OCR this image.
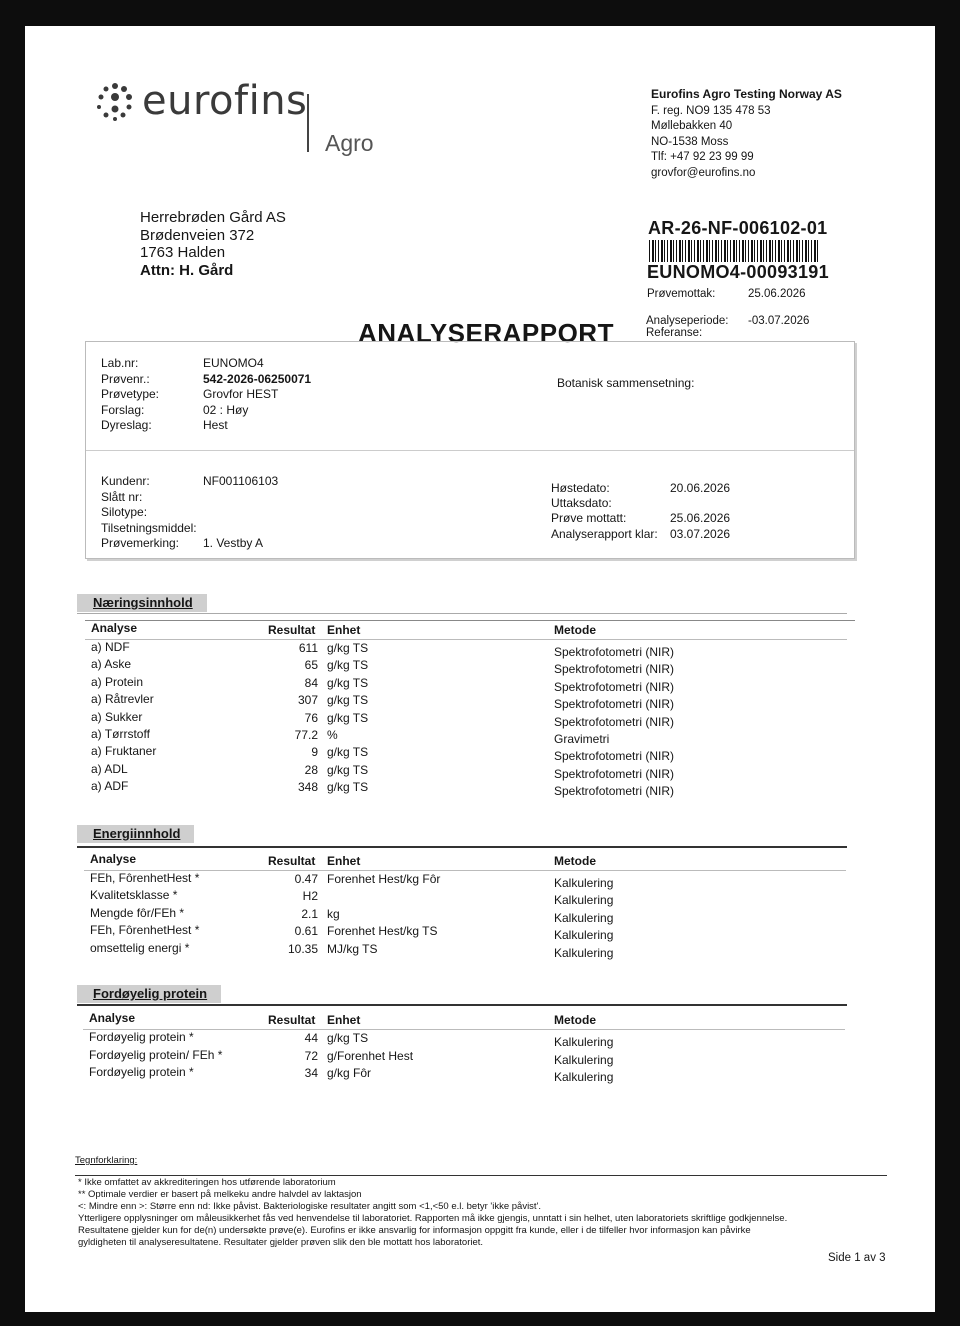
eurofins
Agro
Eurofins Agro Testing Norway AS
F. reg. NO9 135 478 53
Møllebakken 40
NO-1538 Moss
Tlf: +47 92 23 99 99
grovfor@eurofins.no
Herrebrøden Gård AS
Brødenveien 372
1763 Halden
Attn: H. Gård
AR-26-NF-006102-01
EUNOMO4-00093191
Prøvemottak:	25.06.2026
Analyseperiode: -03.07.2026
Referanse:
ANALYSERAPPORT
Botanisk sammensetning:
Lab.nr:	EUNOMO4
Prøvenr.:	542-2026-06250071
Prøvetype:	Grovfor HEST
Forslag:	02 : Høy
Dyreslag:	Hest
Kundenr:	NF001106103
Slått nr:
Silotype:
Tilsetningsmiddel:
Prøvemerking: 1. Vestby A
Høstedato:	20.06.2026
Uttaksdato:
Prøve mottatt:	25.06.2026
Analyserapport klar: 03.07.2026
Næringsinnhold
Analyse	Resultat Enhet	Metode
a) NDF	611 g/kg TS	Spektrofotometri (NIR)
a) Aske	65 g/kg TS	Spektrofotometri (NIR)
a) Protein	84 g/kg TS	Spektrofotometri (NIR)
a) Råtrevler	307 g/kg TS	Spektrofotometri (NIR)
a) Sukker	76 g/kg TS	Spektrofotometri (NIR)
a) Tørrstoff	77.2 %	Gravimetri
a) Fruktaner	9 g/kg TS	Spektrofotometri (NIR)
a) ADL	28 g/kg TS	Spektrofotometri (NIR)
a) ADF	348 g/kg TS	Spektrofotometri (NIR)
Energiinnhold
Analyse	Resultat Enhet	Metode
FEh, FôrenhetHest *	0.47 Forenhet Hest/kg Fôr	Kalkulering
Kvalitetsklasse *	H2	Kalkulering
Mengde fôr/FEh *	2.1 kg	Kalkulering
FEh, FôrenhetHest *	0.61 Forenhet Hest/kg TS	Kalkulering
omsettelig energi *	10.35 MJ/kg TS	Kalkulering
Fordøyelig protein
Analyse	Resultat Enhet	Metode
Fordøyelig protein *	44 g/kg TS	Kalkulering
Fordøyelig protein/ FEh *	72 g/Forenhet Hest	Kalkulering
Fordøyelig protein *	34 g/kg Fôr	Kalkulering
Tegnforklaring:
* Ikke omfattet av akkrediteringen hos utførende laboratorium
** Optimale verdier er basert på melkeku andre halvdel av laktasjon
<: Mindre enn >: Større enn nd: Ikke påvist. Bakteriologiske resultater angitt som <1,<50 e.l. betyr 'ikke påvist'.
Ytterligere opplysninger om måleusikkerhet fås ved henvendelse til laboratoriet. Rapporten må ikke gjengis, unntatt i sin helhet, uten laboratoriets skriftlige godkjennelse.
Resultatene gjelder kun for de(n) undersøkte prøve(e). Eurofins er ikke ansvarlig for informasjon oppgitt fra kunde, eller i de tilfeller hvor informasjon kan påvirke
gyldigheten til analyseresultatene. Resultater gjelder prøven slik den ble mottatt hos laboratoriet.
Side 1 av 3
